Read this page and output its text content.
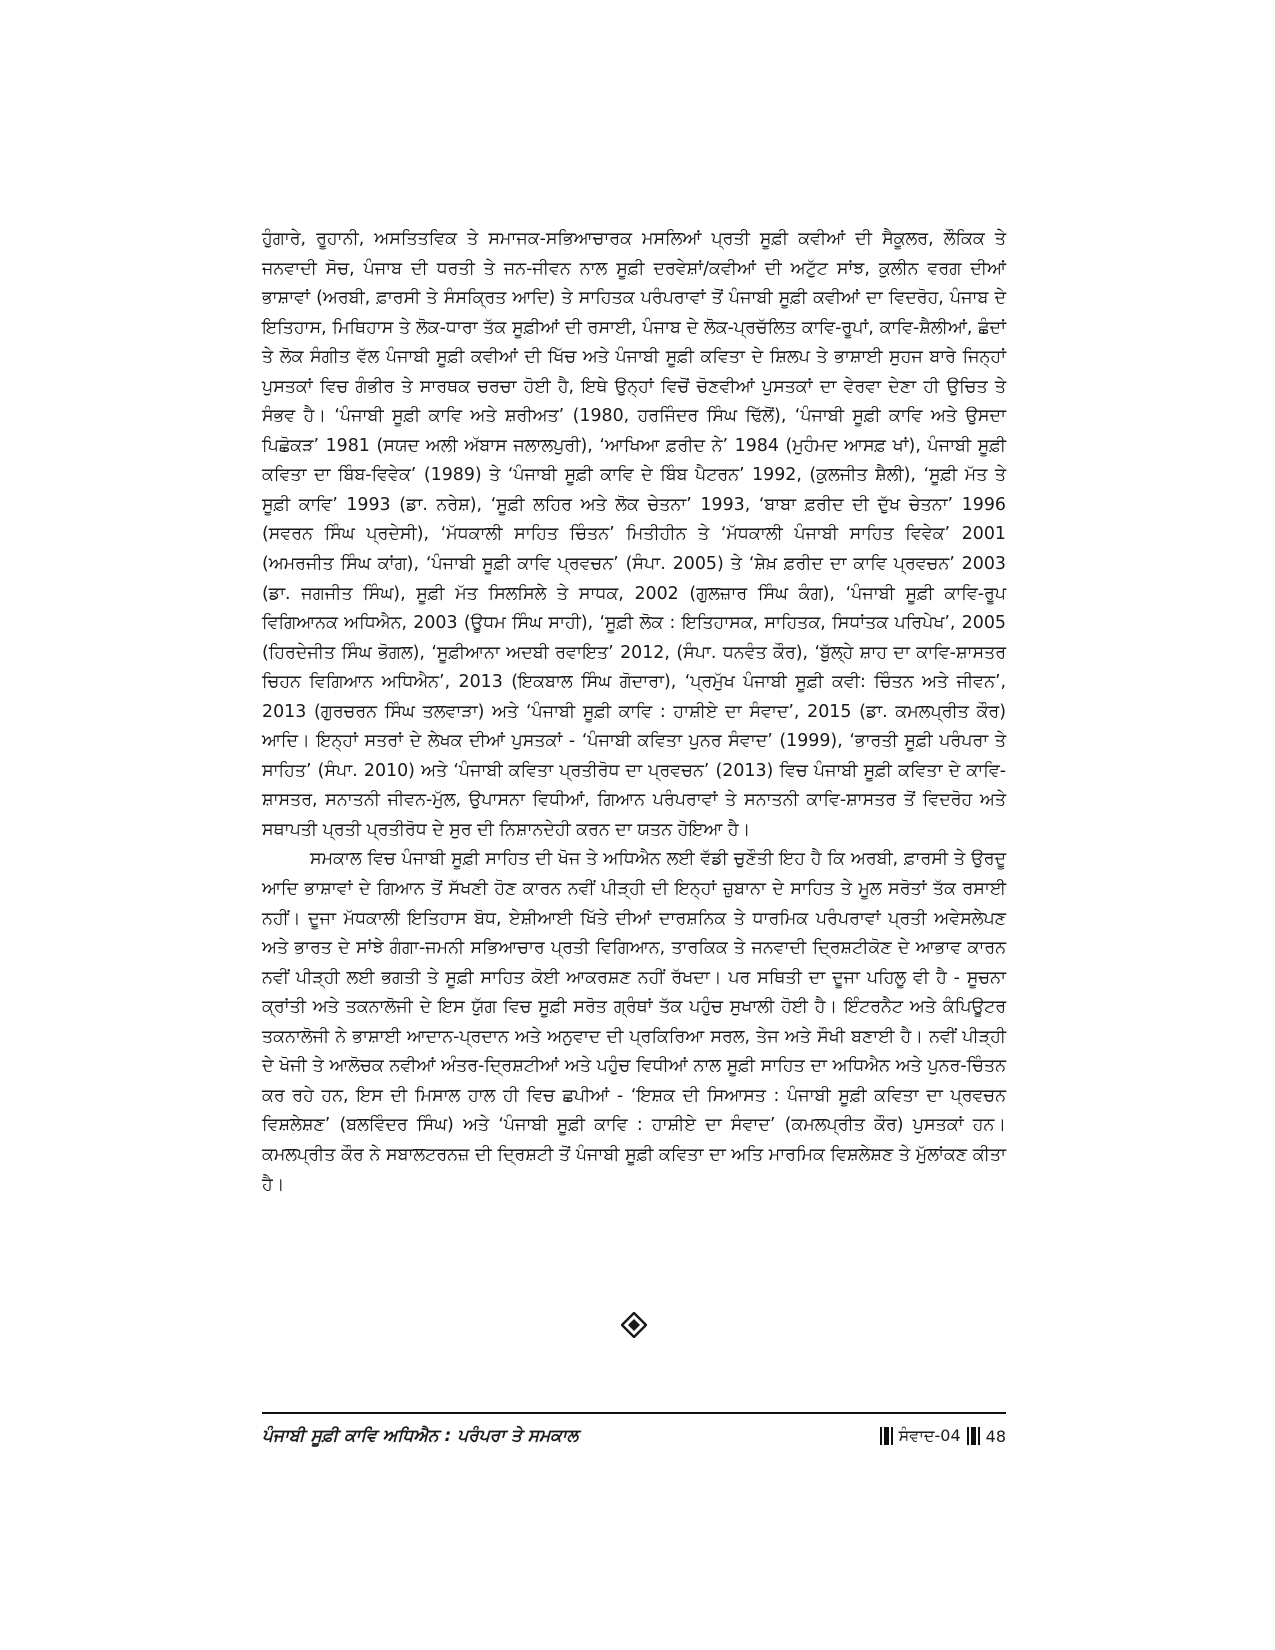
ਹੁੰਗਾਰੇ, ਰੂਹਾਨੀ, ਅਸਤਿਤਵਿਕ ਤੇ ਸਮਾਜਕ-ਸਭਿਆਚਾਰਕ ਮਸਲਿਆਂ ਪ੍ਰਤੀ ਸੂਫ਼ੀ ਕਵੀਆਂ ਦੀ ਸੈਕੂਲਰ, ਲੌਕਿਕ ਤੇ ਜਨਵਾਦੀ ਸੋਚ, ਪੰਜਾਬ ਦੀ ਧਰਤੀ ਤੇ ਜਨ-ਜੀਵਨ ਨਾਲ ਸੂਫ਼ੀ ਦਰਵੇਸ਼ਾਂ/ਕਵੀਆਂ ਦੀ ਅਟੁੱਟ ਸਾਂਝ, ਕੁਲੀਨ ਵਰਗ ਦੀਆਂ ਭਾਸ਼ਾਵਾਂ (ਅਰਬੀ, ਫ਼ਾਰਸੀ ਤੇ ਸੰਸਕ੍ਰਿਤ ਆਦਿ) ਤੇ ਸਾਹਿਤਕ ਪਰੰਪਰਾਵਾਂ ਤੋਂ ਪੰਜਾਬੀ ਸੂਫ਼ੀ ਕਵੀਆਂ ਦਾ ਵਿਦਰੋਹ, ਪੰਜਾਬ ਦੇ ਇਤਿਹਾਸ, ਮਿਥਿਹਾਸ ਤੇ ਲੋਕ-ਧਾਰਾ ਤੱਕ ਸੂਫ਼ੀਆਂ ਦੀ ਰਸਾਈ, ਪੰਜਾਬ ਦੇ ਲੋਕ-ਪ੍ਰਚੱਲਿਤ ਕਾਵਿ-ਰੂਪਾਂ, ਕਾਵਿ-ਸ਼ੈਲੀਆਂ, ਛੰਦਾਂ ਤੇ ਲੋਕ ਸੰਗੀਤ ਵੱਲ ਪੰਜਾਬੀ ਸੂਫ਼ੀ ਕਵੀਆਂ ਦੀ ਖਿੱਚ ਅਤੇ ਪੰਜਾਬੀ ਸੂਫ਼ੀ ਕਵਿਤਾ ਦੇ ਸ਼ਿਲਪ ਤੇ ਭਾਸ਼ਾਈ ਸੁਹਜ ਬਾਰੇ ਜਿਨ੍ਹਾਂ ਪੁਸਤਕਾਂ ਵਿਚ ਗੰਭੀਰ ਤੇ ਸਾਰਥਕ ਚਰਚਾ ਹੋਈ ਹੈ, ਇਥੇ ਉਨ੍ਹਾਂ ਵਿਚੋਂ ਚੋਣਵੀਆਂ ਪੁਸਤਕਾਂ ਦਾ ਵੇਰਵਾ ਦੇਣਾ ਹੀ ਉਚਿਤ ਤੇ ਸੰਭਵ ਹੈ। ‘ਪੰਜਾਬੀ ਸੂਫ਼ੀ ਕਾਵਿ ਅਤੇ ਸ਼ਰੀਅਤ’ (1980, ਹਰਜਿੰਦਰ ਸਿੰਘ ਢਿੱਲੋਂ), ‘ਪੰਜਾਬੀ ਸੂਫ਼ੀ ਕਾਵਿ ਅਤੇ ਉਸਦਾ ਪਿਛੋਕੜ’ 1981 (ਸਯਦ ਅਲੀ ਅੱਬਾਸ ਜਲਾਲਪੁਰੀ), ‘ਆਖਿਆ ਫ਼ਰੀਦ ਨੇ’ 1984 (ਮੁਹੰਮਦ ਆਸਫ਼ ਖਾਂ), ਪੰਜਾਬੀ ਸੂਫ਼ੀ ਕਵਿਤਾ ਦਾ ਬਿੰਬ-ਵਿਵੇਕ’ (1989) ਤੇ ‘ਪੰਜਾਬੀ ਸੂਫ਼ੀ ਕਾਵਿ ਦੇ ਬਿੰਬ ਪੈਟਰਨ’ 1992, (ਕੁਲਜੀਤ ਸ਼ੈਲੀ), ‘ਸੂਫ਼ੀ ਮੱਤ ਤੇ ਸੂਫ਼ੀ ਕਾਵਿ’ 1993 (ਡਾ. ਨਰੇਸ਼), ‘ਸੂਫ਼ੀ ਲਹਿਰ ਅਤੇ ਲੋਕ ਚੇਤਨਾ’ 1993, ‘ਬਾਬਾ ਫ਼ਰੀਦ ਦੀ ਦੁੱਖ ਚੇਤਨਾ’ 1996 (ਸਵਰਨ ਸਿੰਘ ਪ੍ਰਦੇਸੀ), ‘ਮੱਧਕਾਲੀ ਸਾਹਿਤ ਚਿੰਤਨ’ ਮਿਤੀਹੀਨ ਤੇ ‘ਮੱਧਕਾਲੀ ਪੰਜਾਬੀ ਸਾਹਿਤ ਵਿਵੇਕ’ 2001 (ਅਮਰਜੀਤ ਸਿੰਘ ਕਾਂਗ), ‘ਪੰਜਾਬੀ ਸੂਫ਼ੀ ਕਾਵਿ ਪ੍ਰਵਚਨ’ (ਸੰਪਾ. 2005) ਤੇ ‘ਸ਼ੇਖ਼ ਫ਼ਰੀਦ ਦਾ ਕਾਵਿ ਪ੍ਰਵਚਨ’ 2003 (ਡਾ. ਜਗਜੀਤ ਸਿੰਘ), ਸੂਫ਼ੀ ਮੱਤ ਸਿਲਸਿਲੇ ਤੇ ਸਾਧਕ, 2002 (ਗੁਲਜ਼ਾਰ ਸਿੰਘ ਕੰਗ), ‘ਪੰਜਾਬੀ ਸੂਫ਼ੀ ਕਾਵਿ-ਰੂਪ ਵਿਗਿਆਨਕ ਅਧਿਐਨ, 2003 (ਊਧਮ ਸਿੰਘ ਸਾਹੀ), ‘ਸੂਫ਼ੀ ਲੋਕ : ਇਤਿਹਾਸਕ, ਸਾਹਿਤਕ, ਸਿਧਾਂਤਕ ਪਰਿਪੇਖ’, 2005 (ਹਿਰਦੇਜੀਤ ਸਿੰਘ ਭੋਗਲ), ‘ਸੂਫ਼ੀਆਨਾ ਅਦਬੀ ਰਵਾਇਤ’ 2012, (ਸੰਪਾ. ਧਨਵੰਤ ਕੌਰ), ‘ਬੁੱਲ੍ਹੇ ਸ਼ਾਹ ਦਾ ਕਾਵਿ-ਸ਼ਾਸਤਰ ਚਿਹਨ ਵਿਗਿਆਨ ਅਧਿਐਨ’, 2013 (ਇਕਬਾਲ ਸਿੰਘ ਗੋਦਾਰਾ), ‘ਪ੍ਰਮੁੱਖ ਪੰਜਾਬੀ ਸੂਫ਼ੀ ਕਵੀ: ਚਿੰਤਨ ਅਤੇ ਜੀਵਨ’, 2013 (ਗੁਰਚਰਨ ਸਿੰਘ ਤਲਵਾੜਾ) ਅਤੇ ‘ਪੰਜਾਬੀ ਸੂਫ਼ੀ ਕਾਵਿ : ਹਾਸ਼ੀਏ ਦਾ ਸੰਵਾਦ’, 2015 (ਡਾ. ਕਮਲਪ੍ਰੀਤ ਕੌਰ) ਆਦਿ। ਇਨ੍ਹਾਂ ਸਤਰਾਂ ਦੇ ਲੇਖਕ ਦੀਆਂ ਪੁਸਤਕਾਂ - ‘ਪੰਜਾਬੀ ਕਵਿਤਾ ਪੁਨਰ ਸੰਵਾਦ’ (1999), ‘ਭਾਰਤੀ ਸੂਫ਼ੀ ਪਰੰਪਰਾ ਤੇ ਸਾਹਿਤ’ (ਸੰਪਾ. 2010) ਅਤੇ ‘ਪੰਜਾਬੀ ਕਵਿਤਾ ਪ੍ਰਤੀਰੋਧ ਦਾ ਪ੍ਰਵਚਨ’ (2013) ਵਿਚ ਪੰਜਾਬੀ ਸੂਫ਼ੀ ਕਵਿਤਾ ਦੇ ਕਾਵਿ-ਸ਼ਾਸਤਰ, ਸਨਾਤਨੀ ਜੀਵਨ-ਮੁੱਲ, ਉਪਾਸਨਾ ਵਿਧੀਆਂ, ਗਿਆਨ ਪਰੰਪਰਾਵਾਂ ਤੇ ਸਨਾਤਨੀ ਕਾਵਿ-ਸ਼ਾਸਤਰ ਤੋਂ ਵਿਦਰੋਹ ਅਤੇ ਸਥਾਪਤੀ ਪ੍ਰਤੀ ਪ੍ਰਤੀਰੋਧ ਦੇ ਸੁਰ ਦੀ ਨਿਸ਼ਾਨਦੇਹੀ ਕਰਨ ਦਾ ਯਤਨ ਹੋਇਆ ਹੈ।

ਸਮਕਾਲ ਵਿਚ ਪੰਜਾਬੀ ਸੂਫ਼ੀ ਸਾਹਿਤ ਦੀ ਖੋਜ ਤੇ ਅਧਿਐਨ ਲਈ ਵੱਡੀ ਚੁਣੌਤੀ ਇਹ ਹੈ ਕਿ ਅਰਬੀ, ਫ਼ਾਰਸੀ ਤੇ ਉਰਦੂ ਆਦਿ ਭਾਸ਼ਾਵਾਂ ਦੇ ਗਿਆਨ ਤੋਂ ਸੱਖਣੀ ਹੋਣ ਕਾਰਨ ਨਵੀਂ ਪੀੜ੍ਹੀ ਦੀ ਇਨ੍ਹਾਂ ਜ਼ੁਬਾਨਾ ਦੇ ਸਾਹਿਤ ਤੇ ਮੂਲ ਸਰੋਤਾਂ ਤੱਕ ਰਸਾਈ ਨਹੀਂ। ਦੂਜਾ ਮੱਧਕਾਲੀ ਇਤਿਹਾਸ ਬੋਧ, ਏਸ਼ੀਆਈ ਖਿੱਤੇ ਦੀਆਂ ਦਾਰਸ਼ਨਿਕ ਤੇ ਧਾਰਮਿਕ ਪਰੰਪਰਾਵਾਂ ਪ੍ਰਤੀ ਅਵੇਸਲੇਪਣ ਅਤੇ ਭਾਰਤ ਦੇ ਸਾਂਝੇ ਗੰਗਾ-ਜਮਨੀ ਸਭਿਆਚਾਰ ਪ੍ਰਤੀ ਵਿਗਿਆਨ, ਤਾਰਕਿਕ ਤੇ ਜਨਵਾਦੀ ਦ੍ਰਿਸ਼ਟੀਕੋਣ ਦੇ ਆਭਾਵ ਕਾਰਨ ਨਵੀਂ ਪੀੜ੍ਹੀ ਲਈ ਭਗਤੀ ਤੇ ਸੂਫ਼ੀ ਸਾਹਿਤ ਕੋਈ ਆਕਰਸ਼ਣ ਨਹੀਂ ਰੱਖਦਾ। ਪਰ ਸਥਿਤੀ ਦਾ ਦੂਜਾ ਪਹਿਲੂ ਵੀ ਹੈ - ਸੂਚਨਾ ਕ੍ਰਾਂਤੀ ਅਤੇ ਤਕਨਾਲੋਜੀ ਦੇ ਇਸ ਯੁੱਗ ਵਿਚ ਸੂਫ਼ੀ ਸਰੋਤ ਗ੍ਰੰਥਾਂ ਤੱਕ ਪਹੁੰਚ ਸੁਖਾਲੀ ਹੋਈ ਹੈ। ਇੰਟਰਨੈਟ ਅਤੇ ਕੰਪਿਊਟਰ ਤਕਨਾਲੋਜੀ ਨੇ ਭਾਸ਼ਾਈ ਆਦਾਨ-ਪ੍ਰਦਾਨ ਅਤੇ ਅਨੁਵਾਦ ਦੀ ਪ੍ਰਕਿਰਿਆ ਸਰਲ, ਤੇਜ ਅਤੇ ਸੌਖੀ ਬਣਾਈ ਹੈ। ਨਵੀਂ ਪੀੜ੍ਹੀ ਦੇ ਖੋਜੀ ਤੇ ਆਲੋਚਕ ਨਵੀਆਂ ਅੰਤਰ-ਦ੍ਰਿਸ਼ਟੀਆਂ ਅਤੇ ਪਹੁੰਚ ਵਿਧੀਆਂ ਨਾਲ ਸੂਫ਼ੀ ਸਾਹਿਤ ਦਾ ਅਧਿਐਨ ਅਤੇ ਪੁਨਰ-ਚਿੰਤਨ ਕਰ ਰਹੇ ਹਨ, ਇਸ ਦੀ ਮਿਸਾਲ ਹਾਲ ਹੀ ਵਿਚ ਛਪੀਆਂ - ‘ਇਸ਼ਕ ਦੀ ਸਿਆਸਤ : ਪੰਜਾਬੀ ਸੂਫ਼ੀ ਕਵਿਤਾ ਦਾ ਪ੍ਰਵਚਨ ਵਿਸ਼ਲੇਸ਼ਣ’ (ਬਲਵਿੰਦਰ ਸਿੰਘ) ਅਤੇ ‘ਪੰਜਾਬੀ ਸੂਫ਼ੀ ਕਾਵਿ : ਹਾਸ਼ੀਏ ਦਾ ਸੰਵਾਦ’ (ਕਮਲਪ੍ਰੀਤ ਕੌਰ) ਪੁਸਤਕਾਂ ਹਨ। ਕਮਲਪ੍ਰੀਤ ਕੌਰ ਨੇ ਸਬਾਲਟਰਨਜ਼ ਦੀ ਦ੍ਰਿਸ਼ਟੀ ਤੋਂ ਪੰਜਾਬੀ ਸੂਫ਼ੀ ਕਵਿਤਾ ਦਾ ਅਤਿ ਮਾਰਮਿਕ ਵਿਸ਼ਲੇਸ਼ਣ ਤੇ ਮੁੱਲਾਂਕਣ ਕੀਤਾ ਹੈ।

ਪੰਜਾਬੀ ਸੂਫ਼ੀ ਕਾਵਿ ਅਧਿਐਨ : ਪਰੰਪਰਾ ਤੇ ਸਮਕਾਲ	ਸੰਵਾਦ-04 48
